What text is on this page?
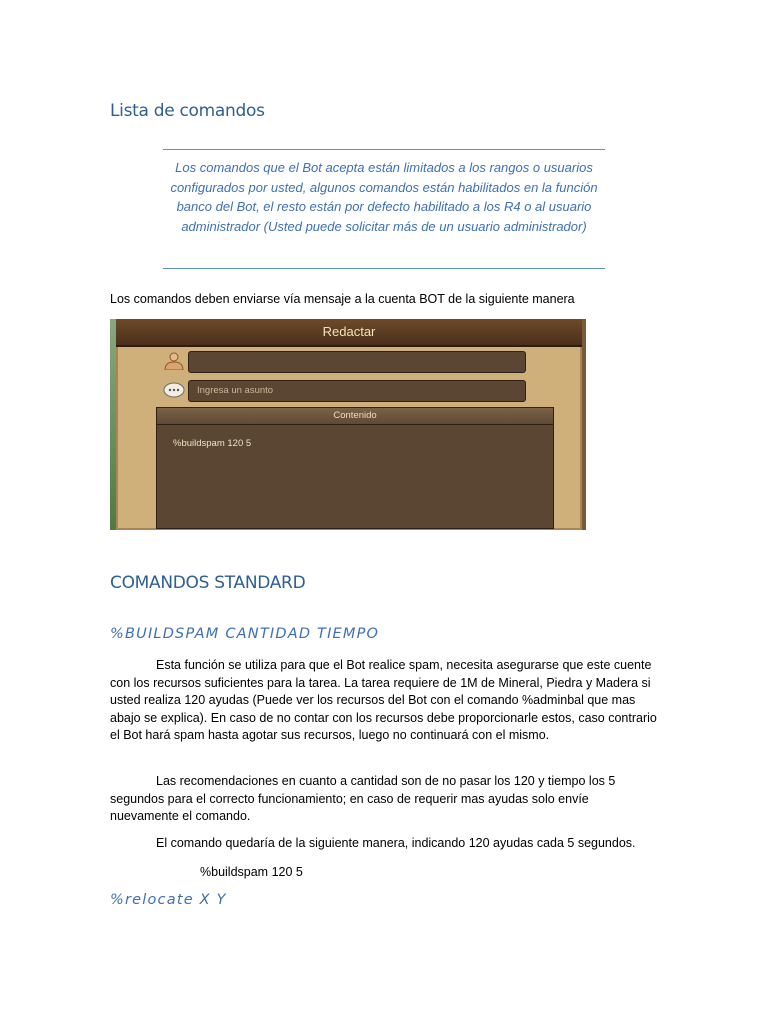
Lista de comandos
Los comandos que el Bot acepta están limitados a los rangos o usuarios configurados por usted, algunos comandos están habilitados en la función banco del Bot, el resto están por defecto habilitado a los R4 o al usuario administrador (Usted puede solicitar más de un usuario administrador)
Los comandos deben enviarse vía mensaje a la cuenta BOT de la siguiente manera
Redactar
Ingresa un asunto
Contenido
%buildspam 120 5
COMANDOS STANDARD
%BUILDSPAM CANTIDAD TIEMPO
Esta función se utiliza para que el Bot realice spam, necesita asegurarse que este cuente con los recursos suficientes para la tarea. La tarea requiere de 1M de Mineral, Piedra y Madera si usted realiza 120 ayudas (Puede ver los recursos del Bot con el comando %adminbal que mas abajo se explica). En caso de no contar con los recursos debe proporcionarle estos, caso contrario el Bot hará spam hasta agotar sus recursos, luego no continuará con el mismo.
Las recomendaciones en cuanto a cantidad son de no pasar los 120 y tiempo los 5 segundos para el correcto funcionamiento; en caso de requerir mas ayudas solo envíe nuevamente el comando.
El comando quedaría de la siguiente manera, indicando 120 ayudas cada 5 segundos.
%buildspam 120 5
%relocate X Y
